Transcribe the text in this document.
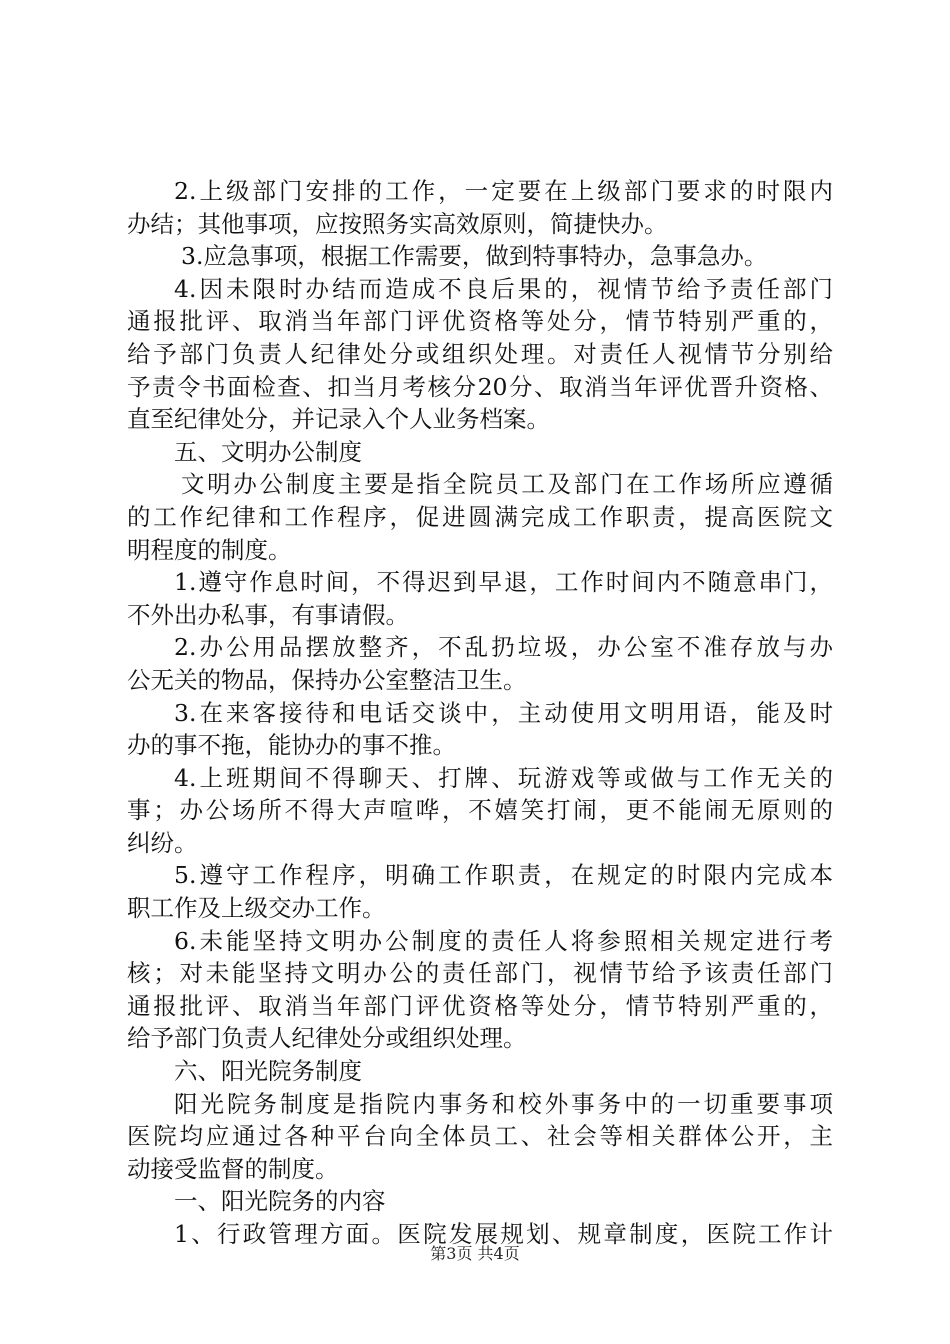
2.上级部门安排的工作，一定要在上级部门要求的时限内
办结；其他事项，应按照务实高效原则，简捷快办。
3.应急事项，根据工作需要，做到特事特办，急事急办。
4.因未限时办结而造成不良后果的，视情节给予责任部门
通报批评、取消当年部门评优资格等处分，情节特别严重的，
给予部门负责人纪律处分或组织处理。对责任人视情节分别给
予责令书面检查、扣当月考核分20分、取消当年评优晋升资格、
直至纪律处分，并记录入个人业务档案。
五、文明办公制度
文明办公制度主要是指全院员工及部门在工作场所应遵循
的工作纪律和工作程序，促进圆满完成工作职责，提高医院文
明程度的制度。
1.遵守作息时间，不得迟到早退，工作时间内不随意串门，
不外出办私事，有事请假。
2.办公用品摆放整齐，不乱扔垃圾，办公室不准存放与办
公无关的物品，保持办公室整洁卫生。
3.在来客接待和电话交谈中，主动使用文明用语，能及时
办的事不拖，能协办的事不推。
4.上班期间不得聊天、打牌、玩游戏等或做与工作无关的
事；办公场所不得大声喧哗，不嬉笑打闹，更不能闹无原则的
纠纷。
5.遵守工作程序，明确工作职责，在规定的时限内完成本
职工作及上级交办工作。
6.未能坚持文明办公制度的责任人将参照相关规定进行考
核；对未能坚持文明办公的责任部门，视情节给予该责任部门
通报批评、取消当年部门评优资格等处分，情节特别严重的，
给予部门负责人纪律处分或组织处理。
六、阳光院务制度
阳光院务制度是指院内事务和校外事务中的一切重要事项
医院均应通过各种平台向全体员工、社会等相关群体公开，主
动接受监督的制度。
一、阳光院务的内容
1、行政管理方面。医院发展规划、规章制度，医院工作计
第3页 共4页
